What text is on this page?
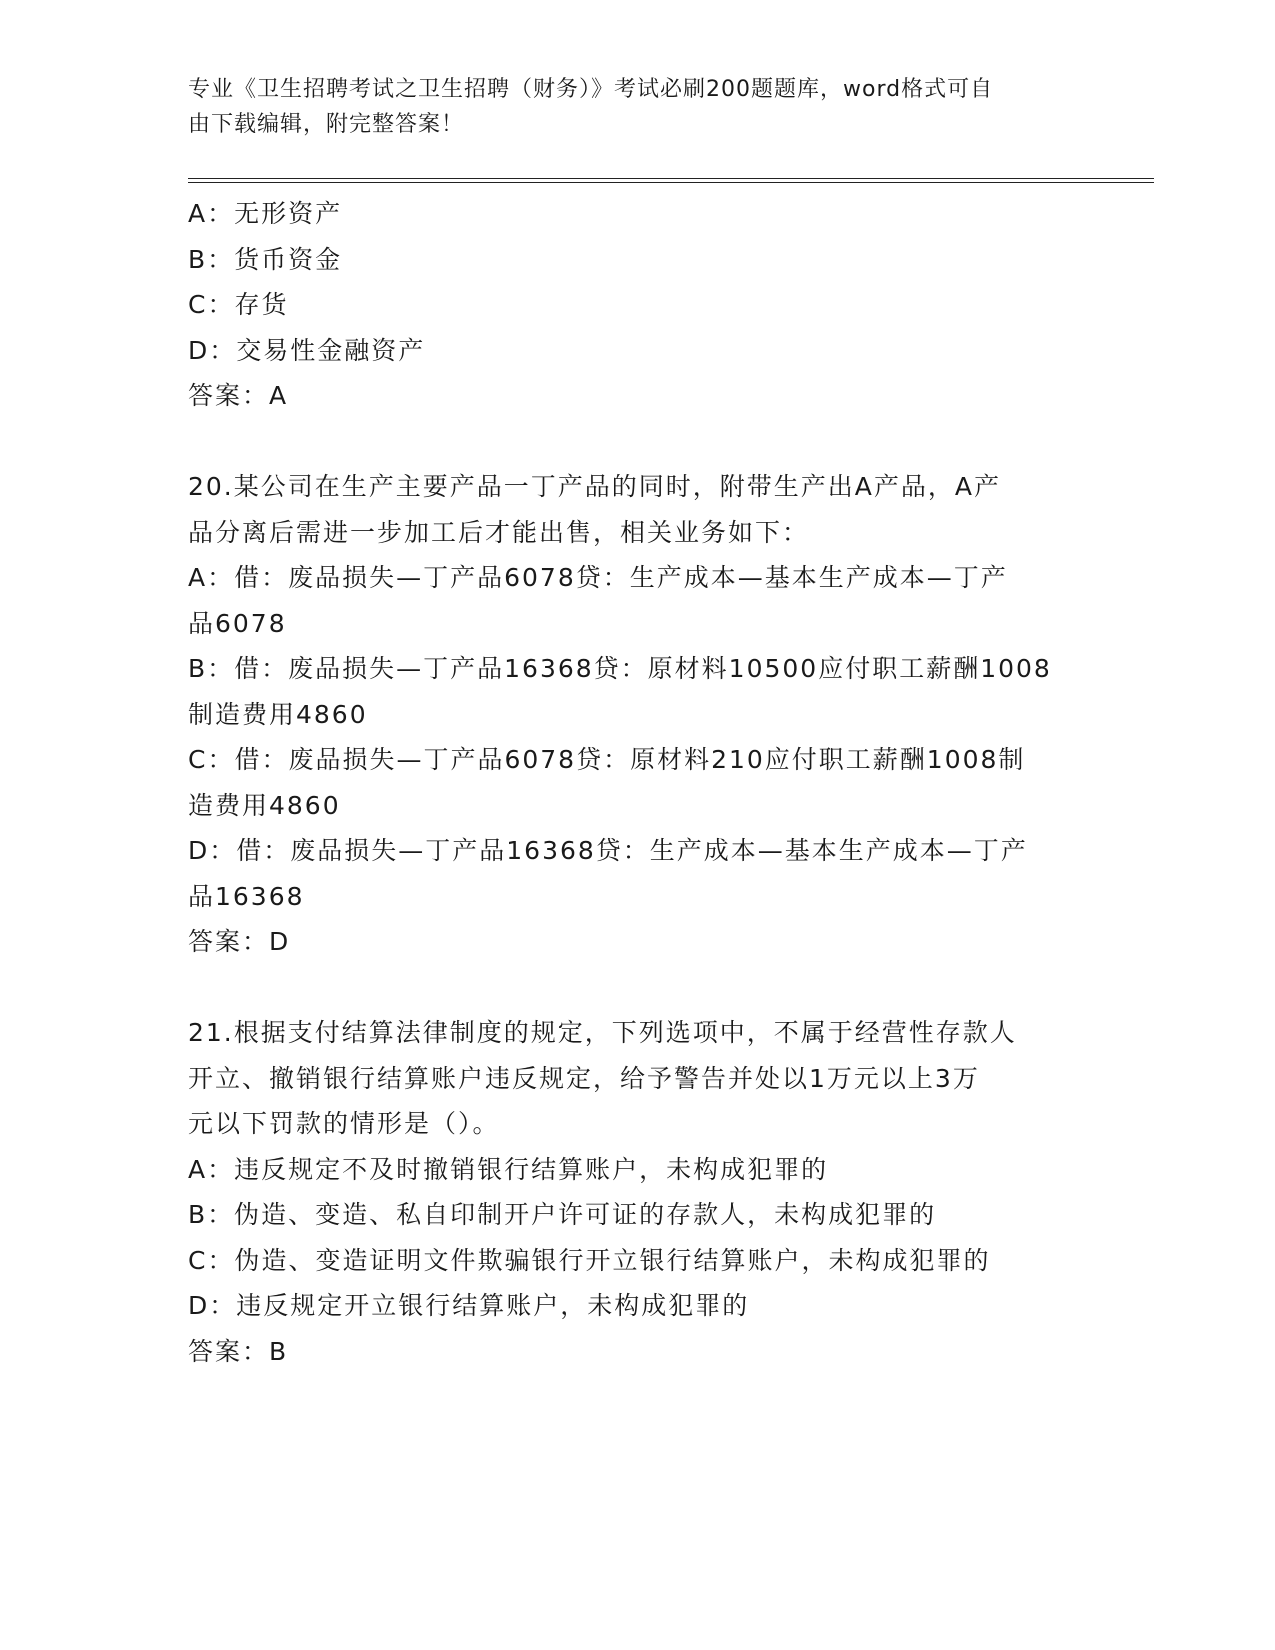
专业《卫生招聘考试之卫生招聘（财务）》考试必刷200题题库，word格式可自
由下载编辑，附完整答案！
A：无形资产
B：货币资金
C：存货
D：交易性金融资产
答案：A
20.某公司在生产主要产品一丁产品的同时，附带生产出A产品，A产
品分离后需进一步加工后才能出售，相关业务如下：
A：借：废品损失—丁产品6078贷：生产成本—基本生产成本—丁产
品6078
B：借：废品损失—丁产品16368贷：原材料10500应付职工薪酬1008
制造费用4860
C：借：废品损失—丁产品6078贷：原材料210应付职工薪酬1008制
造费用4860
D：借：废品损失—丁产品16368贷：生产成本—基本生产成本—丁产
品16368
答案：D
21.根据支付结算法律制度的规定，下列选项中，不属于经营性存款人
开立、撤销银行结算账户违反规定，给予警告并处以1万元以上3万
元以下罚款的情形是（）。
A：违反规定不及时撤销银行结算账户，未构成犯罪的
B：伪造、变造、私自印制开户许可证的存款人，未构成犯罪的
C：伪造、变造证明文件欺骗银行开立银行结算账户，未构成犯罪的
D：违反规定开立银行结算账户，未构成犯罪的
答案：B
